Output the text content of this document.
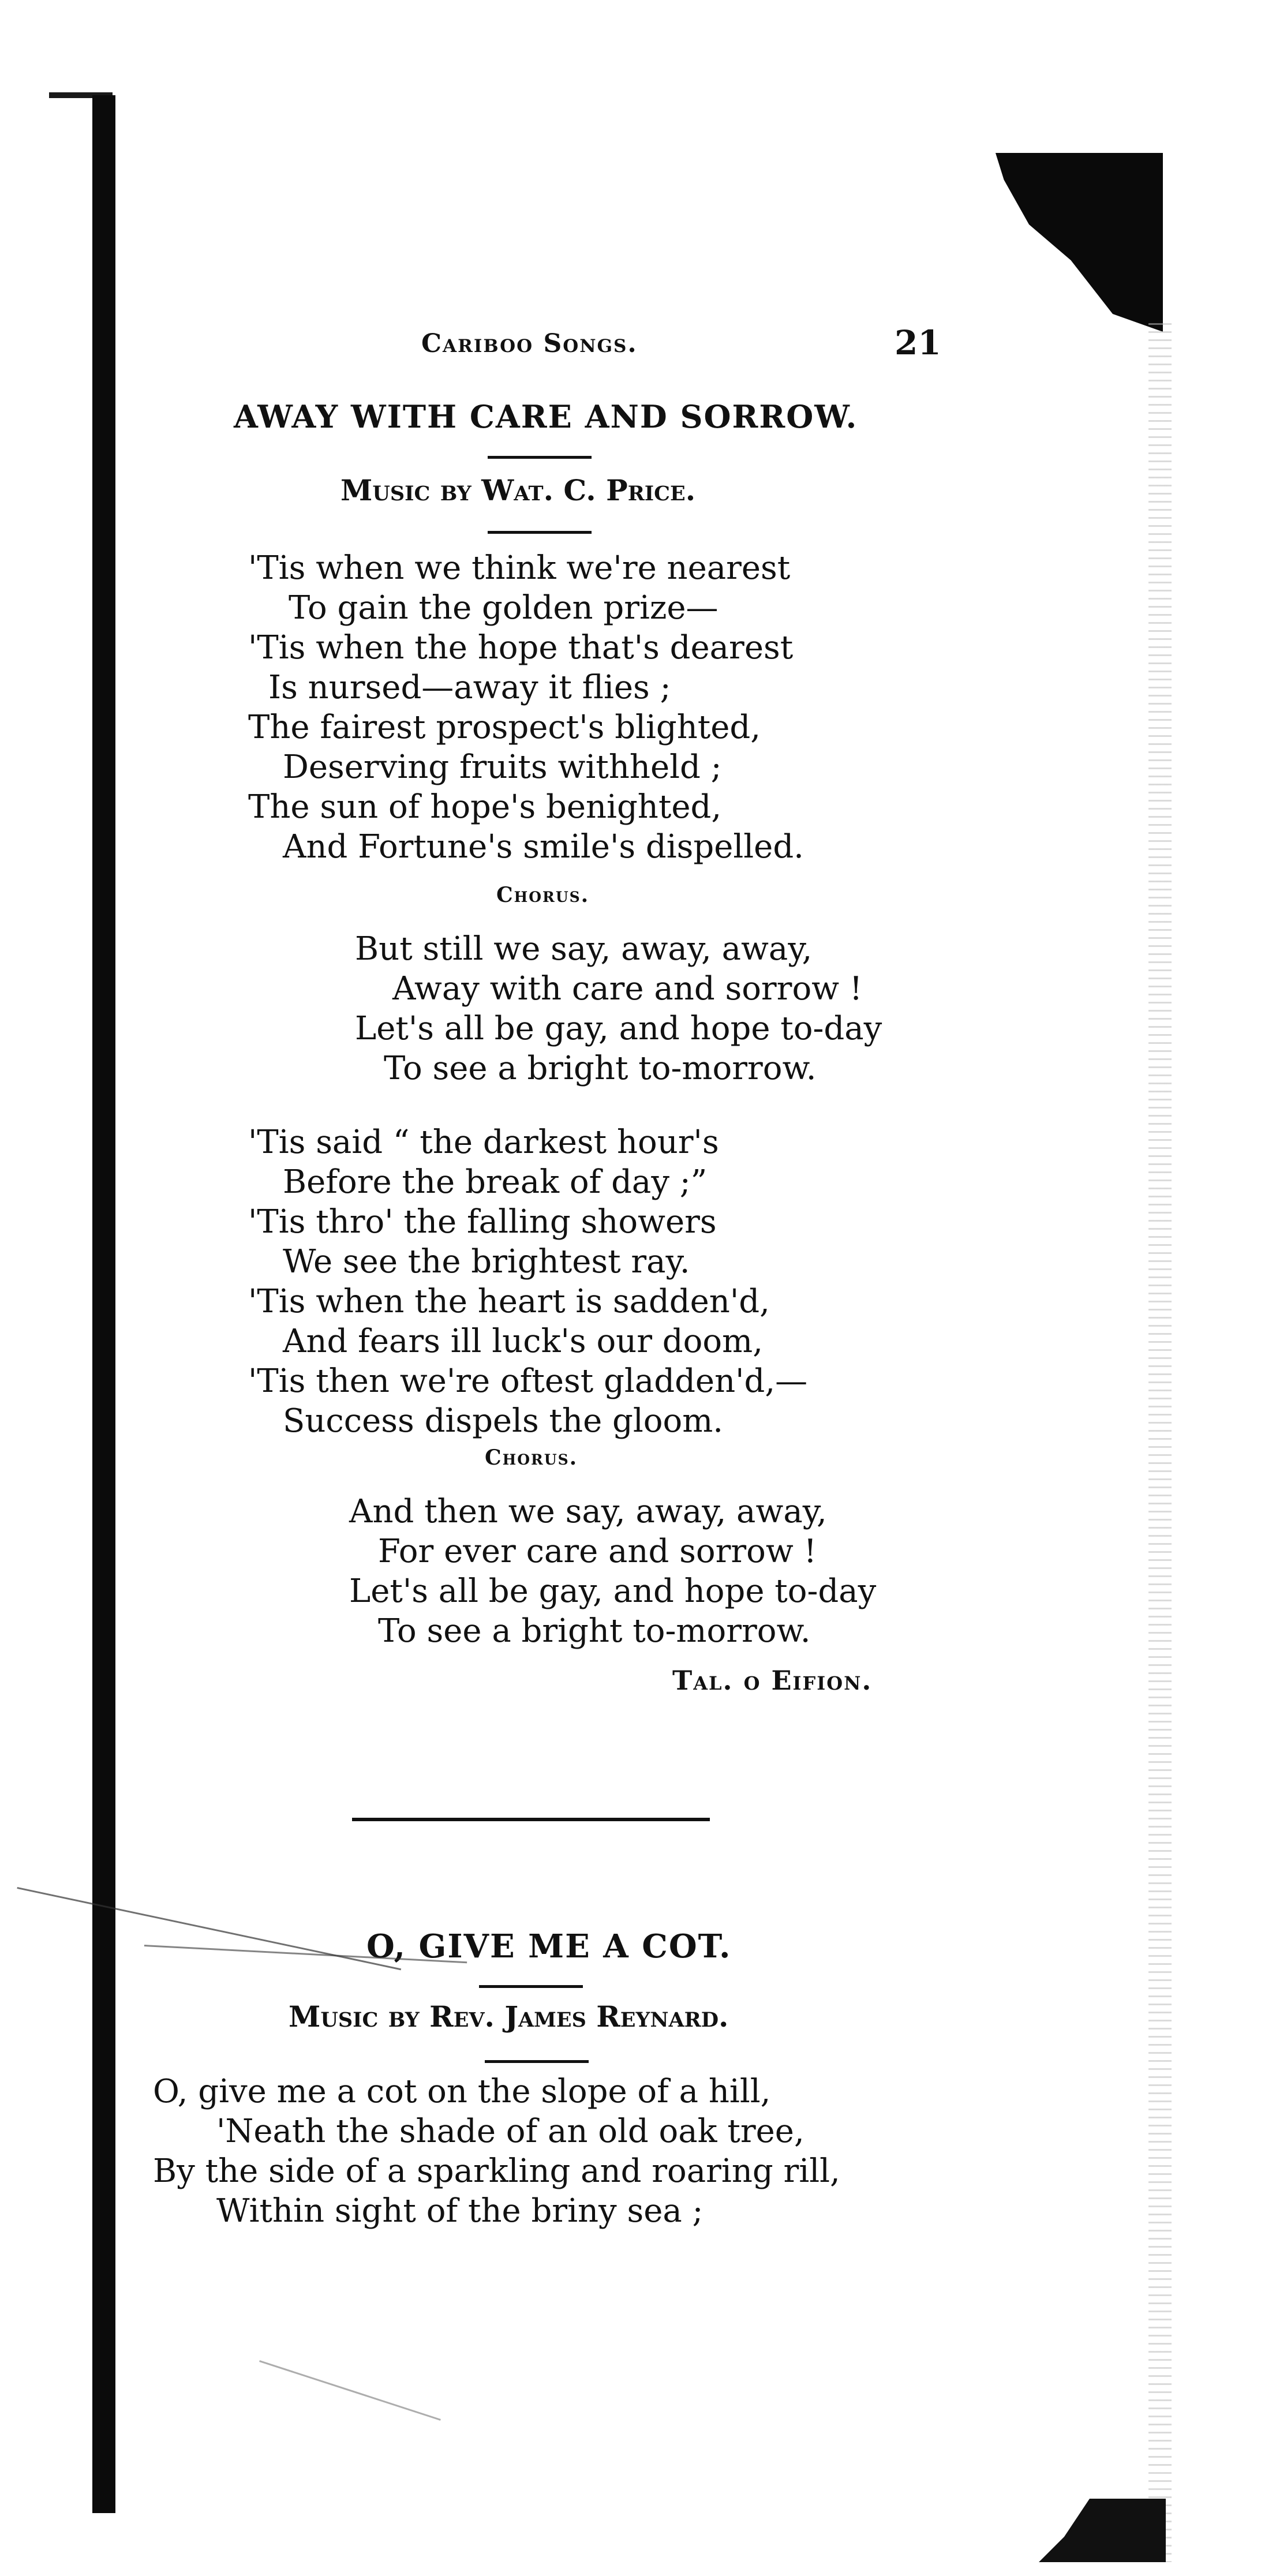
Cariboo Songs.	21
AWAY WITH CARE AND SORROW.
Music by Wat. C. Price.
'Tis when we think we're nearest
To gain the golden prize—
'Tis when the hope that's dearest
Is nursed—away it flies ;
The fairest prospect's blighted,
Deserving fruits withheld ;
The sun of hope's benighted,
And Fortune's smile's dispelled.
Chorus.
But still we say, away, away,
Away with care and sorrow !
Let's all be gay, and hope to-day
To see a bright to-morrow.
'Tis said “ the darkest hour's
Before the break of day ;”
'Tis thro' the falling showers
We see the brightest ray.
'Tis when the heart is sadden'd,
And fears ill luck's our doom,
'Tis then we're oftest gladden'd,—
Success dispels the gloom.
Chorus.
And then we say, away, away,
For ever care and sorrow !
Let's all be gay, and hope to-day
To see a bright to-morrow.
Tal. o Eifion.
O, GIVE ME A COT.
Music by Rev. James Reynard.
O, give me a cot on the slope of a hill,
'Neath the shade of an old oak tree,
By the side of a sparkling and roaring rill,
Within sight of the briny sea ;
